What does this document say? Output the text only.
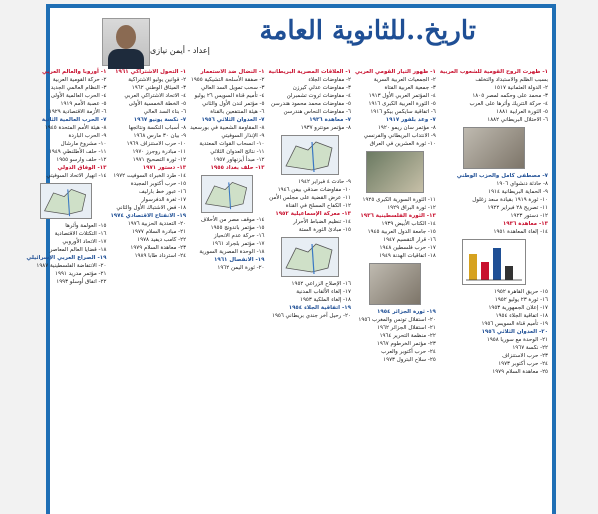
تاريخ..للثانوية العامة
إعداد - أيمن نيازى
١- ظهرت الروح القومية للشعوب العربية
بسبب الظلم والاستبداد والتخلف
٢- الدولة العثمانية ١٥١٧
٣- محمد على وحكمه لمصر ١٨٠٥
٤- حركة التتريك وأثرها على العرب
٥- الثورة العرابية ١٨٨١
٦- الاحتلال البريطاني ١٨٨٢
٧- مصطفى كامل والحزب الوطني
٨- حادثة دنشواي ١٩٠٦
٩- الحماية البريطانية ١٩١٤
١٠- ثورة ١٩١٩ بقيادة سعد زغلول
١١- تصريح ٢٨ فبراير ١٩٢٢
١٢- دستور ١٩٢٣
١٣- معاهدة ١٩٣٦
١٤- إلغاء المعاهدة ١٩٥١
١٥- حريق القاهرة ١٩٥٢
١٦- ثورة ٢٣ يوليو ١٩٥٢
١٧- إعلان الجمهورية ١٩٥٣
١٨- اتفاقية الجلاء ١٩٥٤
١٩- تأميم قناة السويس ١٩٥٦
٢٠- العدوان الثلاثي ١٩٥٦
٢١- الوحدة مع سوريا ١٩٥٨
٢٢- نكسة ١٩٦٧
٢٣- حرب الاستنزاف
٢٤- حرب أكتوبر ١٩٧٣
٢٥- معاهدة السلام ١٩٧٩
١- ظهور التيار القومي العربي
٢- الجمعيات العربية السرية
٣- جمعية العربية الفتاة
٤- المؤتمر العربي الأول ١٩١٣
٥- الثورة العربية الكبرى ١٩١٦
٦- اتفاقية سايكس بيكو ١٩١٦
٧- وعد بلفور ١٩١٧
٨- مؤتمر سان ريمو ١٩٢٠
٩- الانتداب البريطاني والفرنسي
١٠- ثورة العشرين في العراق
١١- الثورة السورية الكبرى ١٩٢٥
١٢- ثورة البراق ١٩٢٩
١٣- الثورة الفلسطينية ١٩٣٦
١٤- الكتاب الأبيض ١٩٣٩
١٥- جامعة الدول العربية ١٩٤٥
١٦- قرار التقسيم ١٩٤٧
١٧- حرب فلسطين ١٩٤٨
١٨- اتفاقيات الهدنة ١٩٤٩
١٩- ثورة الجزائر ١٩٥٤
٢٠- استقلال تونس والمغرب ١٩٥٦
٢١- استقلال الجزائر ١٩٦٢
٢٢- منظمة التحرير ١٩٦٤
٢٣- مؤتمر الخرطوم ١٩٦٧
٢٤- حرب أكتوبر والعرب
٢٥- سلاح البترول ١٩٧٣
١- العلاقات المصرية البريطانية
٢- مفاوضات الجلاء
٣- مفاوضات عدلي كيرزن
٤- مفاوضات ثروت تشمبرلن
٥- مفاوضات محمد محمود هندرسن
٦- مفاوضات النحاس هندرسن
٧- معاهدة ١٩٣٦
٨- مؤتمر مونترو ١٩٣٧
٩- حادث ٤ فبراير ١٩٤٢
١٠- مفاوضات صدقي بيفن ١٩٤٦
١١- عرض القضية على مجلس الأمن
١٢- الكفاح المسلح في القناة
١٣- معركة الإسماعيلية ١٩٥٢
١٤- تنظيم الضباط الأحرار
١٥- مبادئ الثورة الستة
١٦- الإصلاح الزراعي ١٩٥٢
١٧- إلغاء الألقاب المدنية
١٨- إلغاء الملكية ١٩٥٣
١٩- اتفاقية الجلاء ١٩٥٤
٢٠- رحيل آخر جندي بريطاني ١٩٥٦
١- النضال ضد الاستعمار
٢- صفقة الأسلحة التشيكية ١٩٥٥
٣- سحب تمويل السد العالي
٤- تأميم قناة السويس ٢٦ يوليو
٥- مؤتمر لندن الأول والثاني
٦- هيئة المنتفعين بالقناة
٧- العدوان الثلاثي ١٩٥٦
٨- المقاومة الشعبية في بورسعيد
٩- الإنذار السوفيتي
١٠- انسحاب القوات المعتدية
١١- نتائج العدوان الثلاثي
١٢- مبدأ أيزنهاور ١٩٥٧
١٣- حلف بغداد ١٩٥٥
١٤- موقف مصر من الأحلاف
١٥- مؤتمر باندونج ١٩٥٥
١٦- حركة عدم الانحياز
١٧- مؤتمر بلجراد ١٩٦١
١٨- الوحدة المصرية السورية
١٩- الانفصال ١٩٦١
٢٠- ثورة اليمن ١٩٦٢
١- التحول الاشتراكي ١٩٦١
٢- قوانين يوليو الاشتراكية
٣- الميثاق الوطني ١٩٦٢
٤- الاتحاد الاشتراكي العربي
٥- الخطة الخمسية الأولى
٦- بناء السد العالي
٧- نكسة يونيو ١٩٦٧
٨- أسباب النكسة ونتائجها
٩- بيان ٣٠ مارس ١٩٦٨
١٠- حرب الاستنزاف ١٩٦٩
١١- مبادرة روجرز ١٩٧٠
١٢- ثورة التصحيح ١٩٧١
١٣- دستور ١٩٧١
١٤- طرد الخبراء السوفيت ١٩٧٢
١٥- حرب أكتوبر المجيدة
١٦- عبور خط بارليف
١٧- ثغرة الدفرسوار
١٨- فض الاشتباك الأول والثاني
١٩- الانفتاح الاقتصادي ١٩٧٤
٢٠- التعددية الحزبية ١٩٧٦
٢١- مبادرة السلام ١٩٧٧
٢٢- كامب ديفيد ١٩٧٨
٢٣- معاهدة السلام ١٩٧٩
٢٤- استرداد طابا ١٩٨٩
١- أوروبا والعالم العربي
٢- حركة القومية العربية
٣- النظام العالمي الجديد
٤- الحرب العالمية الأولى
٥- عصبة الأمم ١٩١٩
٦- الأزمة الاقتصادية ١٩٢٩
٧- الحرب العالمية الثانية
٨- هيئة الأمم المتحدة ١٩٤٥
٩- الحرب الباردة
١٠- مشروع مارشال
١١- حلف الأطلنطي ١٩٤٩
١٢- حلف وارسو ١٩٥٥
١٣- الوفاق الدولي
١٤- انهيار الاتحاد السوفيتي
١٥- العولمة وأثرها
١٦- التكتلات الاقتصادية
١٧- الاتحاد الأوروبي
١٨- قضايا العالم المعاصر
١٩- الصراع العربي الإسرائيلي
٢٠- الانتفاضة الفلسطينية ١٩٨٧
٢١- مؤتمر مدريد ١٩٩١
٢٢- اتفاق أوسلو ١٩٩٣
